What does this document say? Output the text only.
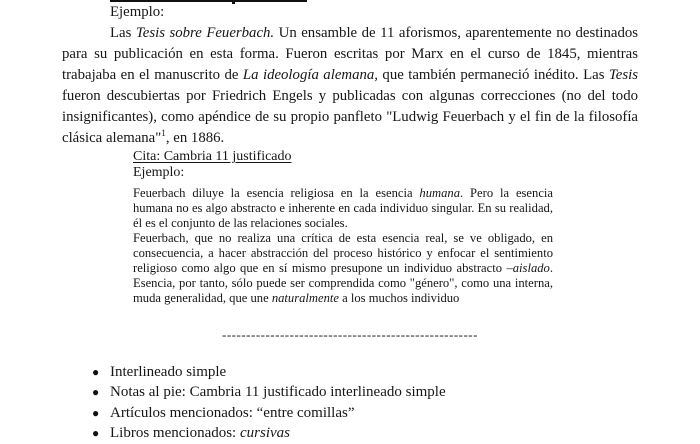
Ejemplo:

Las Tesis sobre Feuerbach. Un ensamble de 11 aforismos, aparentemente no destinados para su publicación en esta forma. Fueron escritas por Marx en el curso de 1845, mientras trabajaba en el manuscrito de La ideología alemana, que también permaneció inédito. Las Tesis fueron descubiertas por Friedrich Engels y publicadas con algunas correcciones (no del todo insignificantes), como apéndice de su propio panfleto "Ludwig Feuerbach y el fin de la filosofía clásica alemana"$^1$, en 1886.

Cita: Cambria 11 justificado
Ejemplo:

Feuerbach diluye la esencia religiosa en la esencia humana. Pero la esencia humana no es algo abstracto e inherente en cada individuo singular. En su realidad, él es el conjunto de las relaciones sociales.

Feuerbach, que no realiza una crítica de esta esencia real, se ve obligado, en consecuencia, a hacer abstracción del proceso histórico y enfocar el sentimiento religioso como algo que en sí mismo presupone un individuo abstracto –aislado. Esencia, por tanto, sólo puede ser comprendida como "género", como una interna, muda generalidad, que une naturalmente a los muchos individuo

-----------------------------------------------------
● Interlineado simple
● Notas al pie: Cambria 11 justificado interlineado simple
● Artículos mencionados: “entre comillas”
● Libros mencionados: cursivas
